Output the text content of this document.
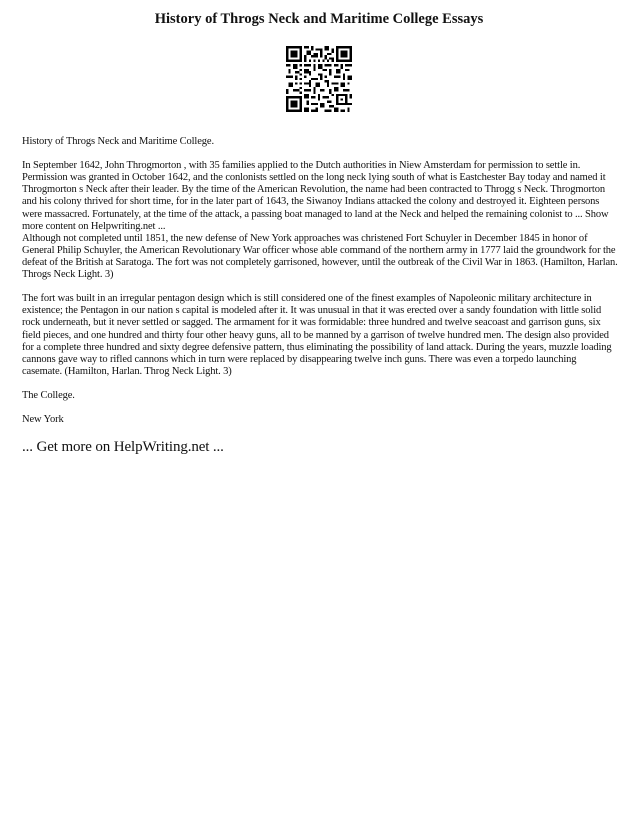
History of Throgs Neck and Maritime College Essays

History of Throgs Neck and Maritime College.

In September 1642, John Throgmorton , with 35 families applied to the Dutch authorities in Niew Amsterdam for permission to settle in. Permission was granted in October 1642, and the conlonists settled on the long neck lying south of what is Eastchester Bay today and named it Throgmorton s Neck after their leader. By the time of the American Revolution, the name had been contracted to Throgg s Neck. Throgmorton and his colony thrived for short time, for in the later part of 1643, the Siwanoy Indians attacked the colony and destroyed it. Eighteen persons were massacred. Fortunately, at the time of the attack, a passing boat managed to land at the Neck and helped the remaining colonist to ... Show more content on Helpwriting.net ...

Although not completed until 1851, the new defense of New York approaches was christened Fort Schuyler in December 1845 in honor of General Philip Schuyler, the American Revolutionary War officer whose able command of the northern army in 1777 laid the groundwork for the defeat of the British at Saratoga. The fort was not completely garrisoned, however, until the outbreak of the Civil War in 1863. (Hamilton, Harlan. Throgs Neck Light. 3)

The fort was built in an irregular pentagon design which is still considered one of the finest examples of Napoleonic military architecture in existence; the Pentagon in our nation s capital is modeled after it. It was unusual in that it was erected over a sandy foundation with little solid rock underneath, but it never settled or sagged. The armament for it was formidable: three hundred and twelve seacoast and garrison guns, six field pieces, and one hundred and thirty four other heavy guns, all to be manned by a garrison of twelve hundred men. The design also provided for a complete three hundred and sixty degree defensive pattern, thus eliminating the possibility of land attack. During the years, muzzle loading cannons gave way to rifled cannons which in turn were replaced by disappearing twelve inch guns. There was even a torpedo launching casemate. (Hamilton, Harlan. Throg Neck Light. 3)

The College.

New York

... Get more on HelpWriting.net ...
